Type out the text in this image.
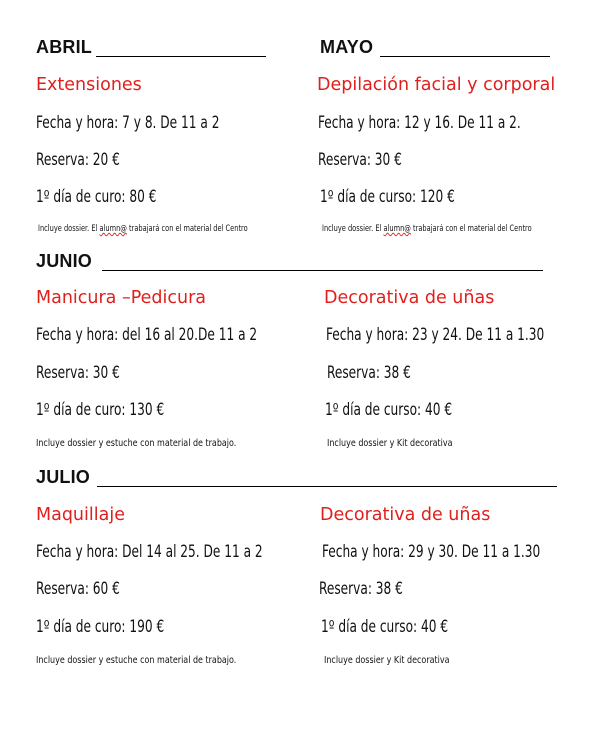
ABRIL	MAYO
Extensiones
Fecha y hora: 7 y 8. De 11 a 2
Reserva: 20 €
1º día de curo: 80 €
Incluye dossier. El alumn@ trabajará con el material del Centro
Depilación facial y corporal
Fecha y hora: 12 y 16. De 11 a 2.
Reserva: 30 €
1º día de curso: 120 €
Incluye dossier. El alumn@ trabajará con el material del Centro
JUNIO
Manicura –Pedicura
Fecha y hora: del 16 al 20.De 11 a 2
Reserva: 30 €
1º día de curo: 130 €
Incluye dossier y estuche con material de trabajo.
Decorativa de uñas
Fecha y hora: 23 y 24. De 11 a 1.30
Reserva: 38 €
1º día de curso: 40 €
Incluye dossier y Kit decorativa
JULIO
Maquillaje
Fecha y hora: Del 14 al 25. De 11 a 2
Reserva: 60 €
1º día de curo: 190 €
Incluye dossier y estuche con material de trabajo.
Decorativa de uñas
Fecha y hora: 29 y 30. De 11 a 1.30
Reserva: 38 €
1º día de curso: 40 €
Incluye dossier y Kit decorativa
